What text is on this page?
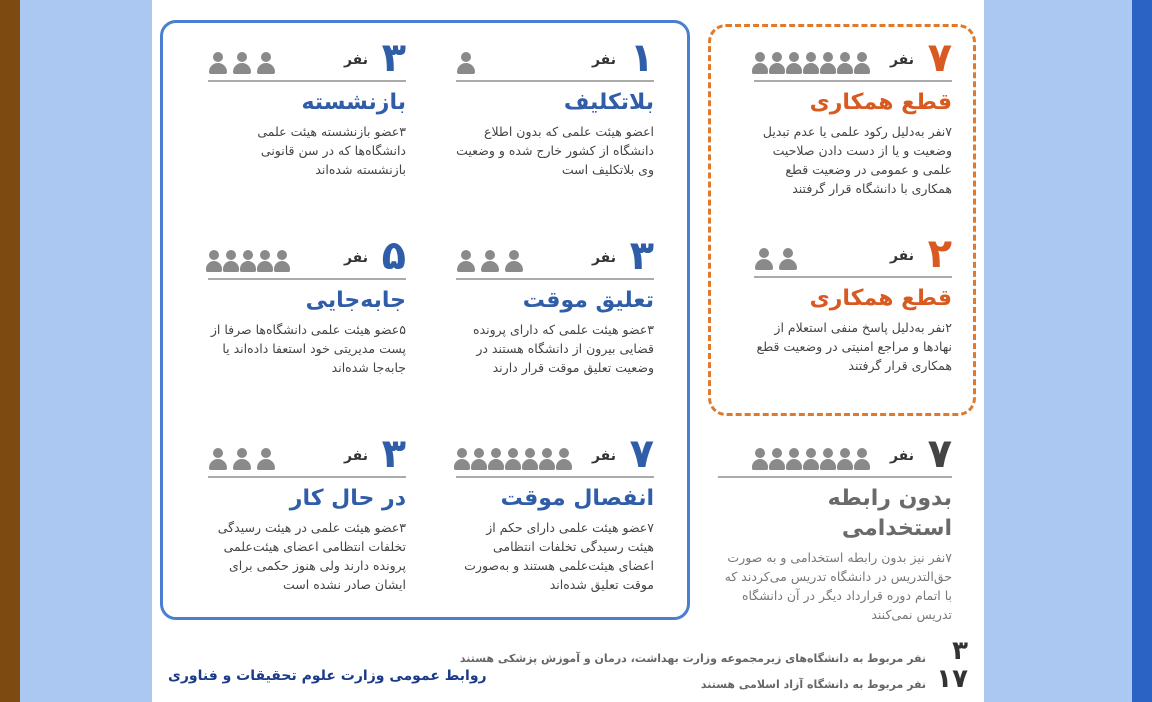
۱
نفر
بلاتکلیف
اعضو هیئت علمی که بدون اطلاع دانشگاه از کشور خارج شده و وضعیت وی بلاتکلیف است
۳
نفر
بازنشسته
۳عضو بازنشسته هیئت علمی دانشگاه‌ها که در سن قانونی بازنشسته شده‌اند
۳
نفر
تعلیق موقت
۳عضو هیئت علمی که دارای پرونده قضایی بیرون از دانشگاه هستند در وضعیت تعلیق موقت قرار دارند
۵
نفر
جابه‌جایی
۵عضو هیئت علمی دانشگاه‌ها صرفا از پست مدیریتی خود استعفا داده‌اند یا جابه‌جا شده‌اند
۷
نفر
انفصال موقت
۷عضو هیئت علمی دارای حکم از هیئت رسیدگی تخلفات انتظامی اعضای هیئت‌علمی هستند و به‌صورت موقت تعلیق شده‌اند
۳
نفر
در حال کار
۳عضو هیئت علمی در هیئت رسیدگی تخلفات انتظامی اعضای هیئت‌علمی پرونده دارند ولی هنوز حکمی برای ایشان صادر نشده است
۷
نفر
قطع همکاری
۷نفر به‌دلیل رکود علمی یا عدم تبدیل وضعیت و یا از دست دادن صلاحیت علمی و عمومی در وضعیت قطع همکاری با دانشگاه قرار گرفتند
۲
نفر
قطع همکاری
۲نفر به‌دلیل پاسخ منفی استعلام از نهادها و مراجع امنیتی در وضعیت قطع همکاری قرار گرفتند
۷
نفر
بدون رابطه استخدامی
۷نفر نیز بدون رابطه استخدامی و به صورت حق‌التدریس در دانشگاه تدریس می‌کردند که با اتمام دوره قرارداد دیگر در آن دانشگاه تدریس نمی‌کنند
۳
نفر مربوط به دانشگاه‌های زیرمجموعه وزارت بهداشت، درمان و آموزش پزشکی هستند
۱۷
نفر مربوط به دانشگاه آزاد اسلامی هستند
روابط عمومی وزارت علوم تحقیقات و فناوری
